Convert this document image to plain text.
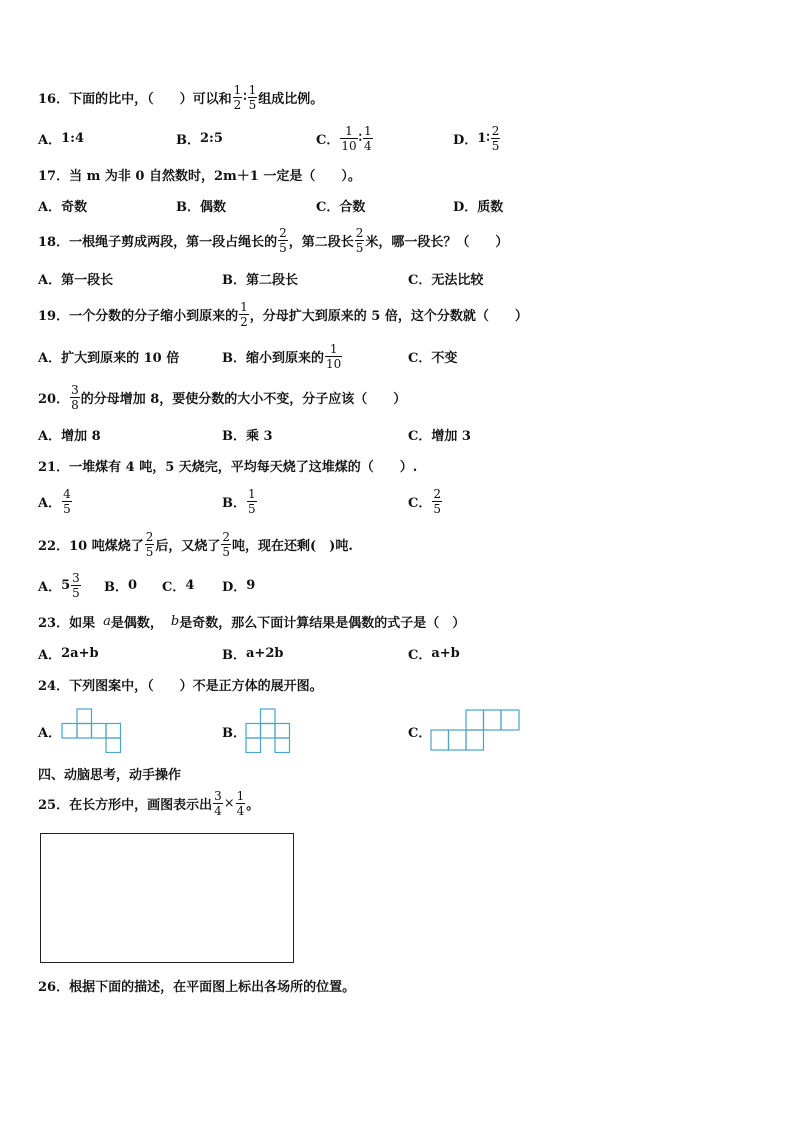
16． 下面的比中，（　　）可以和 $\frac{1}{2}$ ∶ $\frac{1}{5}$ 组成比例。
A． 1:4	B． 2:5	C． $\frac{1}{10}$ ∶ $\frac{1}{4}$	D． 1∶ $\frac{2}{5}$
17． 当 m 为非 0 自然数时，2m＋1 一定是（　　）。
A． 奇数	B． 偶数	C． 合数	D． 质数
18． 一根绳子剪成两段，第一段占绳长的 $\frac{2}{5}$ ，第二段长 $\frac{2}{5}$ 米，哪一段长？（　　）
A． 第一段长	B． 第二段长	C． 无法比较
19． 一个分数的分子缩小到原来的 $\frac{1}{2}$ ，分母扩大到原来的 5 倍，这个分数就（　　）
A． 扩大到原来的 10 倍	B． 缩小到原来的 $\frac{1}{10}$	C． 不变
20． $\frac{3}{8}$ 的分母增加 8，要使分数的大小不变，分子应该（　　）
A． 增加 8	B． 乘 3	C． 增加 3
21． 一堆煤有 4 吨，5 天烧完，平均每天烧了这堆煤的（　　）.
A． $\frac{4}{5}$	B． $\frac{1}{5}$	C． $\frac{2}{5}$
22． 10 吨煤烧了 $\frac{2}{5}$ 后，又烧了 $\frac{2}{5}$ 吨，现在还剩(　)吨.
A． $5 \frac{3}{5}$ B． 0 C． 4 D． 9
23． 如果 a 是偶数， b 是奇数，那么下面计算结果是偶数的式子是（　）
A． 2a+b	B． a+2b	C． a+b
24． 下列图案中，（　　）不是正方体的展开图。
A．	B．	C．
四、动脑思考，动手操作
25． 在长方形中，画图表示出 $\frac{3}{4} \times \frac{1}{4}$ 。
26． 根据下面的描述，在平面图上标出各场所的位置。
